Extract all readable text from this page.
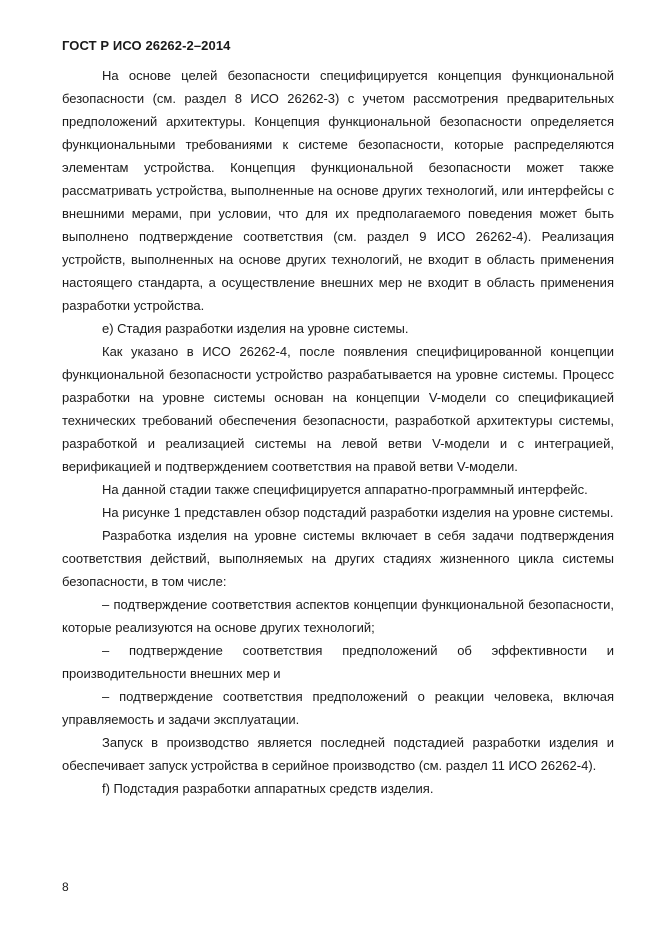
ГОСТ Р ИСО 26262-2–2014

На основе целей безопасности специфицируется концепция функциональной безопасности (см. раздел 8 ИСО 26262-3) с учетом рассмотрения предварительных предположений архитектуры. Концепция функциональной безопасности определяется функциональными требованиями к системе безопасности, которые распределяются элементам устройства. Концепция функциональной безопасности может также рассматривать устройства, выполненные на основе других технологий, или интерфейсы с внешними мерами, при условии, что для их предполагаемого поведения может быть выполнено подтверждение соответствия (см. раздел 9 ИСО 26262-4). Реализация устройств, выполненных на основе других технологий, не входит в область применения настоящего стандарта, а осуществление внешних мер не входит в область применения разработки устройства.

е) Стадия разработки изделия на уровне системы.

Как указано в ИСО 26262-4, после появления специфицированной концепции функциональной безопасности устройство разрабатывается на уровне системы. Процесс разработки на уровне системы основан на концепции V-модели со спецификацией технических требований обеспечения безопасности, разработкой архитектуры системы, разработкой и реализацией системы на левой ветви V-модели и с интеграцией, верификацией и подтверждением соответствия на правой ветви V-модели.

На данной стадии также специфицируется аппаратно-программный интерфейс.

На рисунке 1 представлен обзор подстадий разработки изделия на уровне системы.

Разработка изделия на уровне системы включает в себя задачи подтверждения соответствия действий, выполняемых на других стадиях жизненного цикла системы безопасности, в том числе:

– подтверждение соответствия аспектов концепции функциональной безопасности, которые реализуются на основе других технологий;

– подтверждение соответствия предположений об эффективности и производительности внешних мер и

– подтверждение соответствия предположений о реакции человека, включая управляемость и задачи эксплуатации.

Запуск в производство является последней подстадией разработки изделия и обеспечивает запуск устройства в серийное производство (см. раздел 11 ИСО 26262-4).

f) Подстадия разработки аппаратных средств изделия.

8
